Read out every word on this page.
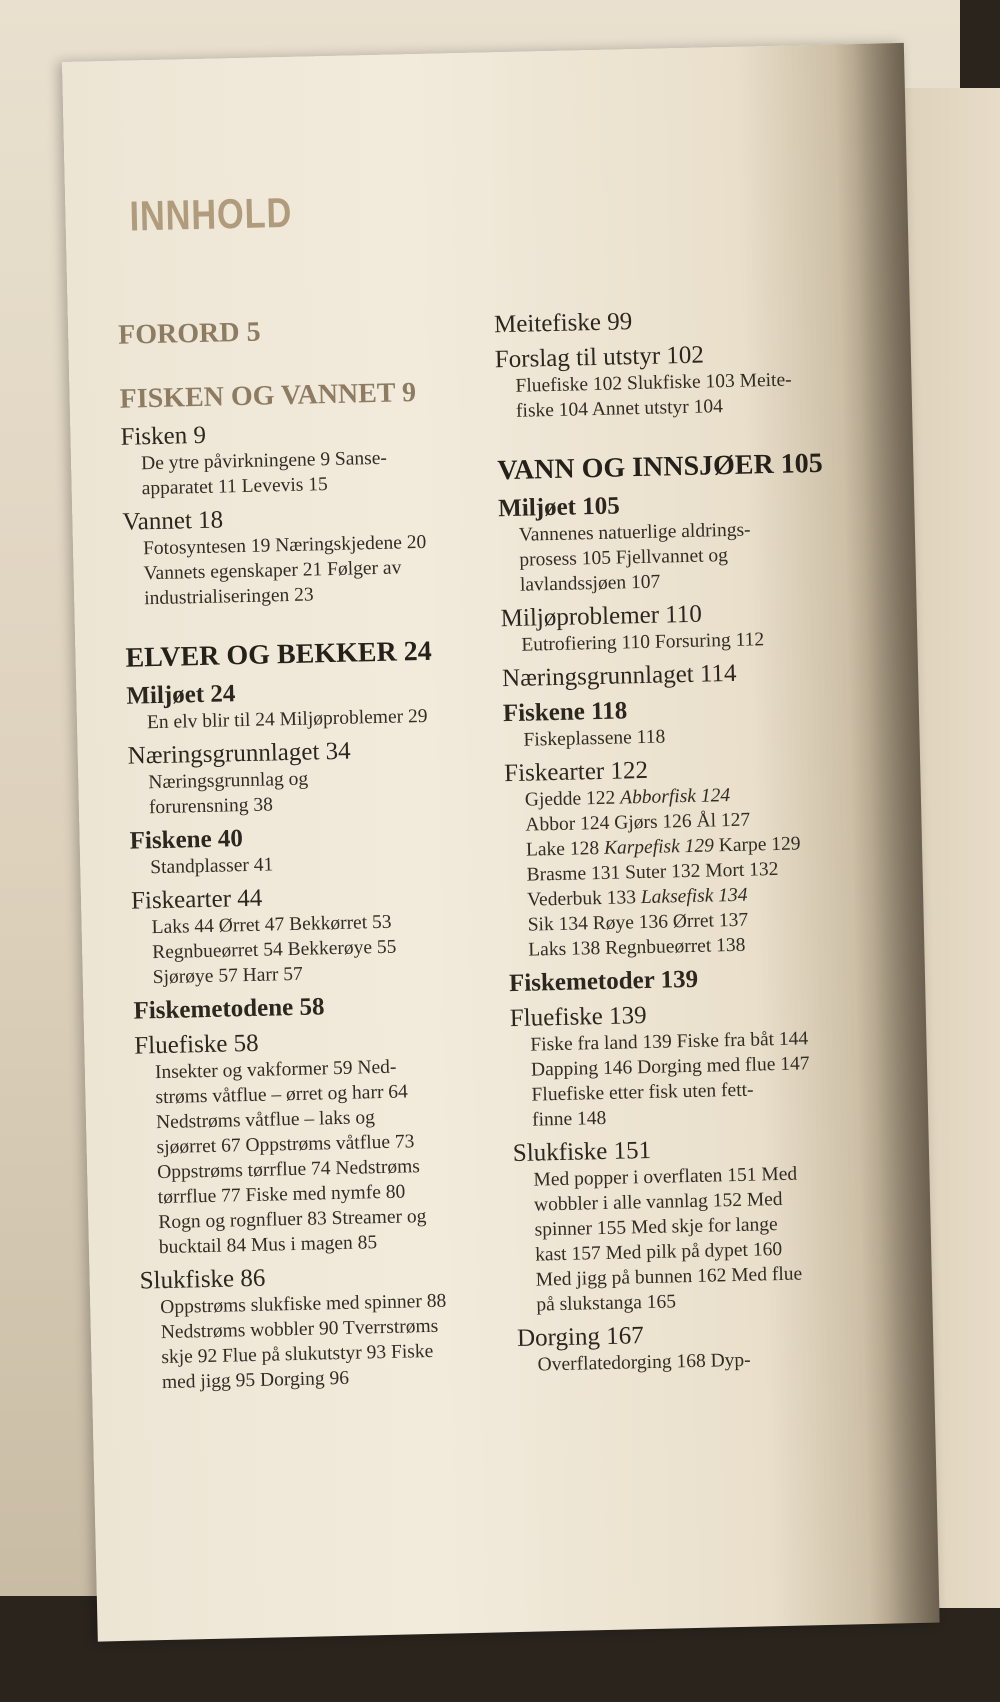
F
F
INNHOLD
FORORD 5
FISKEN OG VANNET 9
Fisken 9
De ytre påvirkningene 9 Sanse-
apparatet 11 Levevis 15
Vannet 18
Fotosyntesen 19 Næringskjedene 20
Vannets egenskaper 21 Følger av
industrialiseringen 23
ELVER OG BEKKER 24
Miljøet 24
En elv blir til 24 Miljøproblemer 29
Næringsgrunnlaget 34
Næringsgrunnlag og
forurensning 38
Fiskene 40
Standplasser 41
Fiskearter 44
Laks 44 Ørret 47 Bekkørret 53
Regnbueørret 54 Bekkerøye 55
Sjørøye 57 Harr 57
Fiskemetodene 58
Fluefiske 58
Insekter og vakformer 59 Ned-
strøms våtflue – ørret og harr 64
Nedstrøms våtflue – laks og
sjøørret 67 Oppstrøms våtflue 73
Oppstrøms tørrflue 74 Nedstrøms
tørrflue 77 Fiske med nymfe 80
Rogn og rognfluer 83 Streamer og
bucktail 84 Mus i magen 85
Slukfiske 86
Oppstrøms slukfiske med spinner 88
Nedstrøms wobbler 90 Tverrstrøms
skje 92 Flue på slukutstyr 93 Fiske
med jigg 95 Dorging 96
Meitefiske 99
Forslag til utstyr 102
Fluefiske 102 Slukfiske 103 Meite-
fiske 104 Annet utstyr 104
VANN OG INNSJØER 105
Miljøet 105
Vannenes natuerlige aldrings-
prosess 105 Fjellvannet og
lavlandssjøen 107
Miljøproblemer 110
Eutrofiering 110 Forsuring 112
Næringsgrunnlaget 114
Fiskene 118
Fiskeplassene 118
Fiskearter 122
Gjedde 122 Abborfisk 124
Abbor 124 Gjørs 126 Ål 127
Lake 128 Karpefisk 129 Karpe 129
Brasme 131 Suter 132 Mort 132
Vederbuk 133 Laksefisk 134
Sik 134 Røye 136 Ørret 137
Laks 138 Regnbueørret 138
Fiskemetoder 139
Fluefiske 139
Fiske fra land 139 Fiske fra båt 144
Dapping 146 Dorging med flue 147
Fluefiske etter fisk uten fett-
finne 148
Slukfiske 151
Med popper i overflaten 151 Med
wobbler i alle vannlag 152 Med
spinner 155 Med skje for lange
kast 157 Med pilk på dypet 160
Med jigg på bunnen 162 Med flue
på slukstanga 165
Dorging 167
Overflatedorging 168 Dyp-
